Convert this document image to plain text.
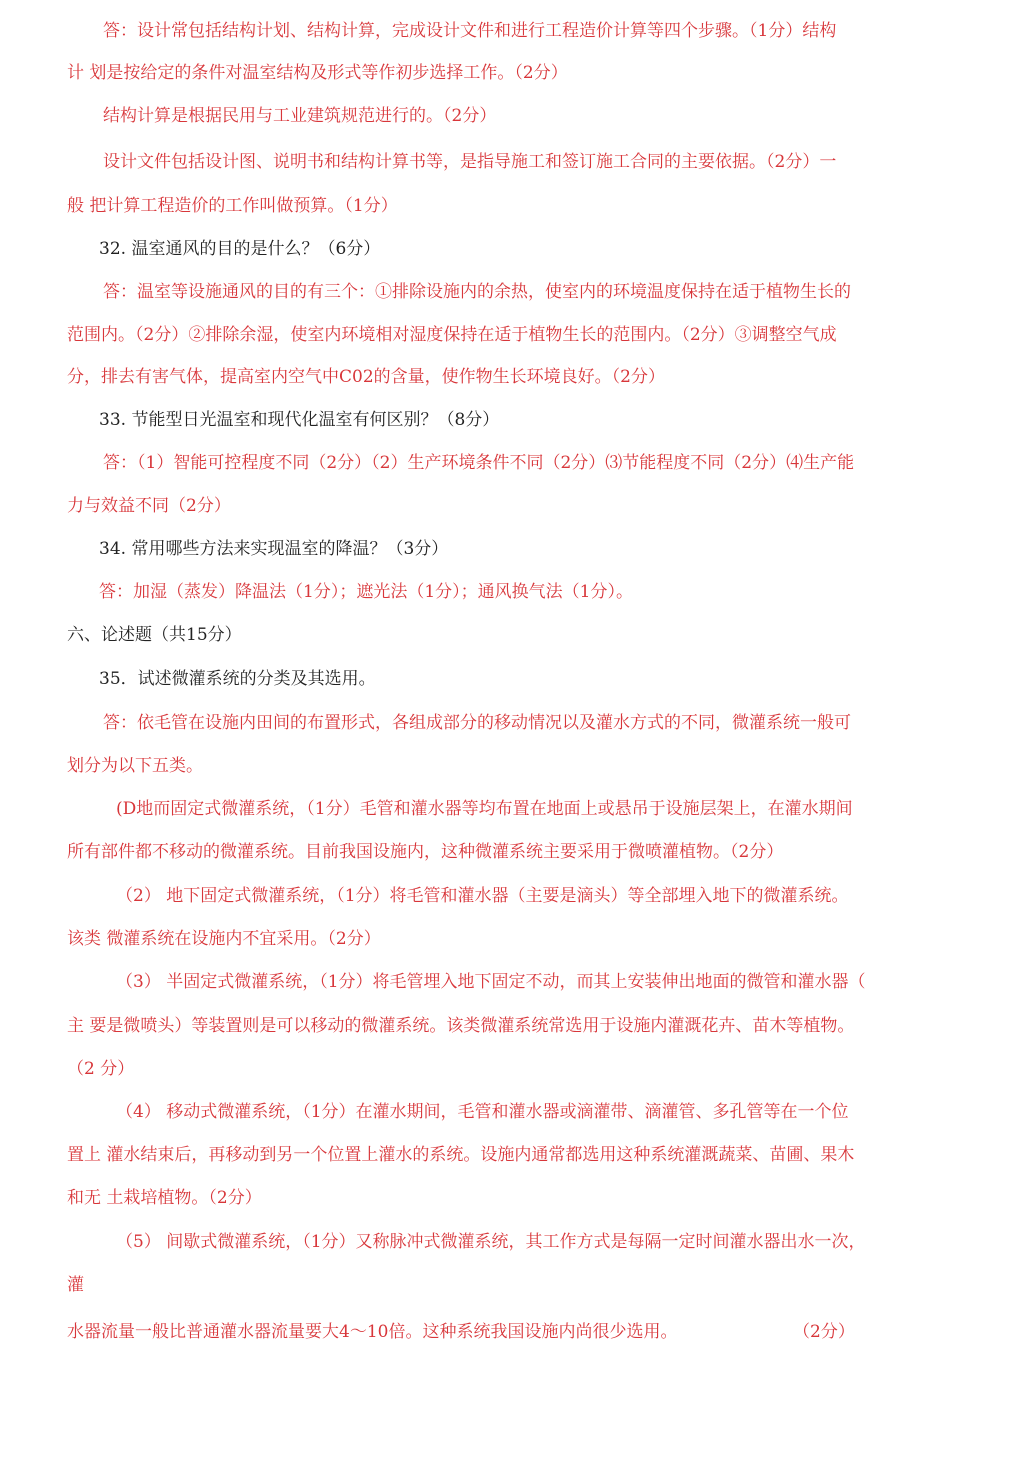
答：设计常包括结构计划、结构计算，完成设计文件和进行工程造价计算等四个步骤。（1分）结构
计 划是按给定的条件对温室结构及形式等作初步选择工作。（2分）
结构计算是根据民用与工业建筑规范进行的。（2分）
设计文件包括设计图、说明书和结构计算书等，是指导施工和签订施工合同的主要依据。（2分）一
般 把计算工程造价的工作叫做预算。（1分）
32. 温室通风的目的是什么？（6分）
答：温室等设施通风的目的有三个：①排除设施内的余热，使室内的环境温度保持在适于植物生长的
范围内。（2分）②排除余湿，使室内环境相对湿度保持在适于植物生长的范围内。（2分）③调整空气成
分，排去有害气体，提高室内空气中C02的含量，使作物生长环境良好。（2分）
33. 节能型日光温室和现代化温室有何区别？（8分）
答：（1）智能可控程度不同（2分）（2）生产环境条件不同（2分）⑶节能程度不同（2分）⑷生产能
力与效益不同（2分）
34. 常用哪些方法来实现温室的降温？（3分）
答：加湿（蒸发）降温法（1分）；遮光法（1分）；通风换气法（1分）。
六、论述题（共15分）
35．试述微灌系统的分类及其选用。
答：依毛管在设施内田间的布置形式，各组成部分的移动情况以及灌水方式的不同，微灌系统一般可
划分为以下五类。
(D地而固定式微灌系统，（1分）毛管和灌水器等均布置在地面上或悬吊于设施层架上，在灌水期间
所有部件都不移动的微灌系统。目前我国设施内，这种微灌系统主要采用于微喷灌植物。（2分）
（2） 地下固定式微灌系统，（1分）将毛管和灌水器（主要是滴头）等全部埋入地下的微灌系统。
该类 微灌系统在设施内不宜采用。（2分）
（3） 半固定式微灌系统，（1分）将毛管埋入地下固定不动，而其上安装伸出地面的微管和灌水器（
主 要是微喷头）等装置则是可以移动的微灌系统。该类微灌系统常选用于设施内灌溉花卉、苗木等植物。
（2 分）
（4） 移动式微灌系统，（1分）在灌水期间，毛管和灌水器或滴灌带、滴灌管、多孔管等在一个位
置上 灌水结束后，再移动到另一个位置上灌水的系统。设施内通常都选用这种系统灌溉蔬菜、苗圃、果木
和无 土栽培植物。（2分）
（5） 间歇式微灌系统，（1分）又称脉冲式微灌系统，其工作方式是每隔一定时间灌水器出水一次，
灌
水器流量一般比普通灌水器流量要大4～10倍。这种系统我国设施内尚很少选用。	（2分）
